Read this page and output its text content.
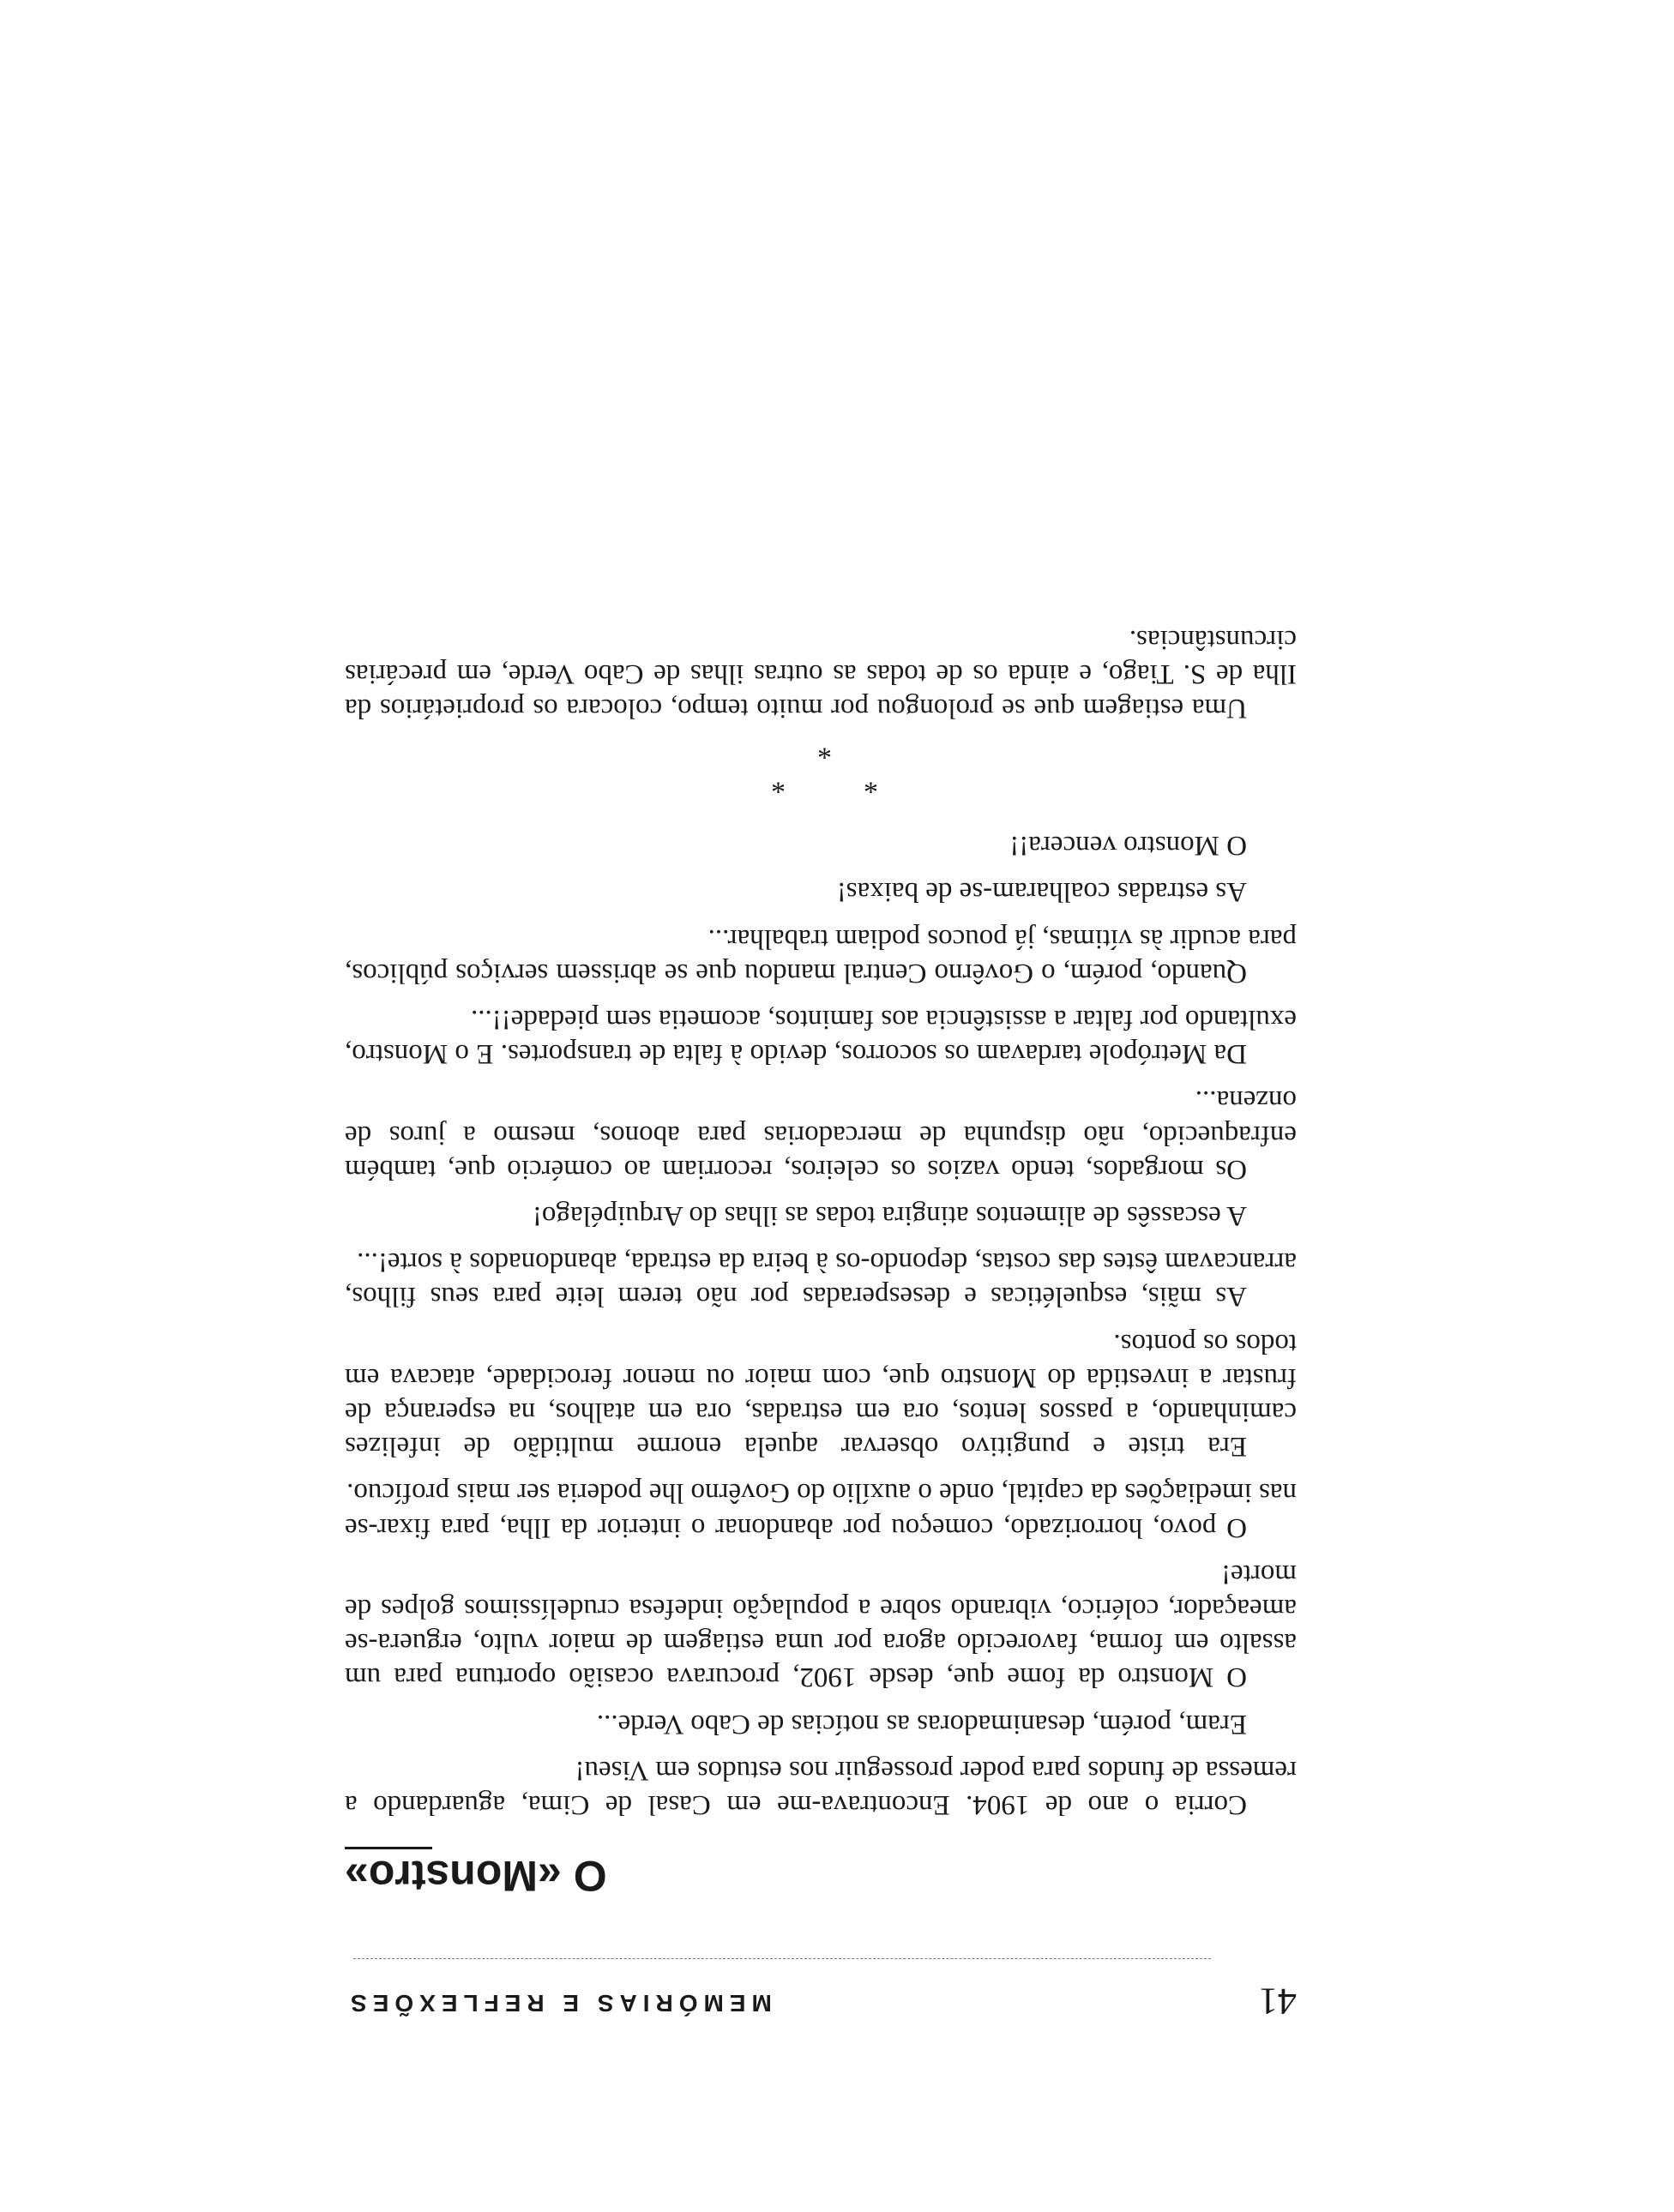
41
MEMÓRIAS E REFLEXÕES
O «Monstro»

Corria o ano de 1904. Encontrava-me em Casal de Cima, aguardando a remessa de fundos para poder prosseguir nos estudos em Viseu!

Eram, porém, desanimadoras as notícias de Cabo Verde...

O Monstro da fome que, desde 1902, procurava ocasião oportuna para um assalto em forma, favorecido agora por uma estiagem de maior vulto, erguera-se ameaçador, colérico, vibrando sobre a população indefesa crudelíssimos golpes de morte!

O povo, horrorizado, começou por abandonar o interior da Ilha, para fixar-se nas imediações da capital, onde o auxílio do Govêrno lhe poderia ser mais profícuo.

Era triste e pungitivo observar aquela enorme multidão de infelizes caminhando, a passos lentos, ora em estradas, ora em atalhos, na esperança de frustar a investida do Monstro que, com maior ou menor ferocidade, atacava em todos os pontos.

As mãis, esqueléticas e desesperadas por não terem leite para seus filhos, arrancavam êstes das costas, depondo-os à beira da estrada, abandonados à sorte!...

A escassês de alimentos atingira todas as ilhas do Arquipélago!

Os morgados, tendo vazios os celeiros, recorriam ao comércio que, também enfraquecido, não dispunha de mercadorias para abonos, mesmo a juros de onzena...

Da Metrópole tardavam os socorros, devido à falta de transportes. E o Monstro, exultando por faltar a assistência aos famintos, acometia sem piedade!!...

Quando, porém, o Govêrno Central mandou que se abrissem serviços públicos, para acudir às vítimas, já poucos podiam trabalhar...

As estradas coalharam-se de baixas!

O Monstro vencera!!

*
*
*

Uma estiagem que se prolongou por muito tempo, colocara os proprietários da Ilha de S. Tiago, e ainda os de todas as outras ilhas de Cabo Verde, em precárias circunstâncias.
